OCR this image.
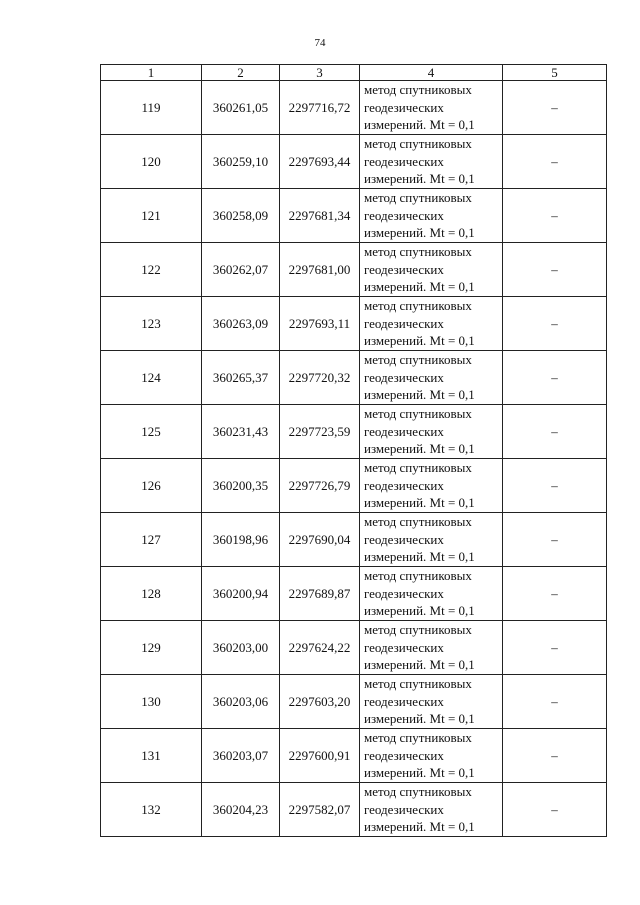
74
1	2	3	4	5
119	360261,05	2297716,72	метод спутниковых геодезических измерений. Mt = 0,1	–
120	360259,10	2297693,44	метод спутниковых геодезических измерений. Mt = 0,1	–
121	360258,09	2297681,34	метод спутниковых геодезических измерений. Mt = 0,1	–
122	360262,07	2297681,00	метод спутниковых геодезических измерений. Mt = 0,1	–
123	360263,09	2297693,11	метод спутниковых геодезических измерений. Mt = 0,1	–
124	360265,37	2297720,32	метод спутниковых геодезических измерений. Mt = 0,1	–
125	360231,43	2297723,59	метод спутниковых геодезических измерений. Mt = 0,1	–
126	360200,35	2297726,79	метод спутниковых геодезических измерений. Mt = 0,1	–
127	360198,96	2297690,04	метод спутниковых геодезических измерений. Mt = 0,1	–
128	360200,94	2297689,87	метод спутниковых геодезических измерений. Mt = 0,1	–
129	360203,00	2297624,22	метод спутниковых геодезических измерений. Mt = 0,1	–
130	360203,06	2297603,20	метод спутниковых геодезических измерений. Mt = 0,1	–
131	360203,07	2297600,91	метод спутниковых геодезических измерений. Mt = 0,1	–
132	360204,23	2297582,07	метод спутниковых геодезических измерений. Mt = 0,1	–
